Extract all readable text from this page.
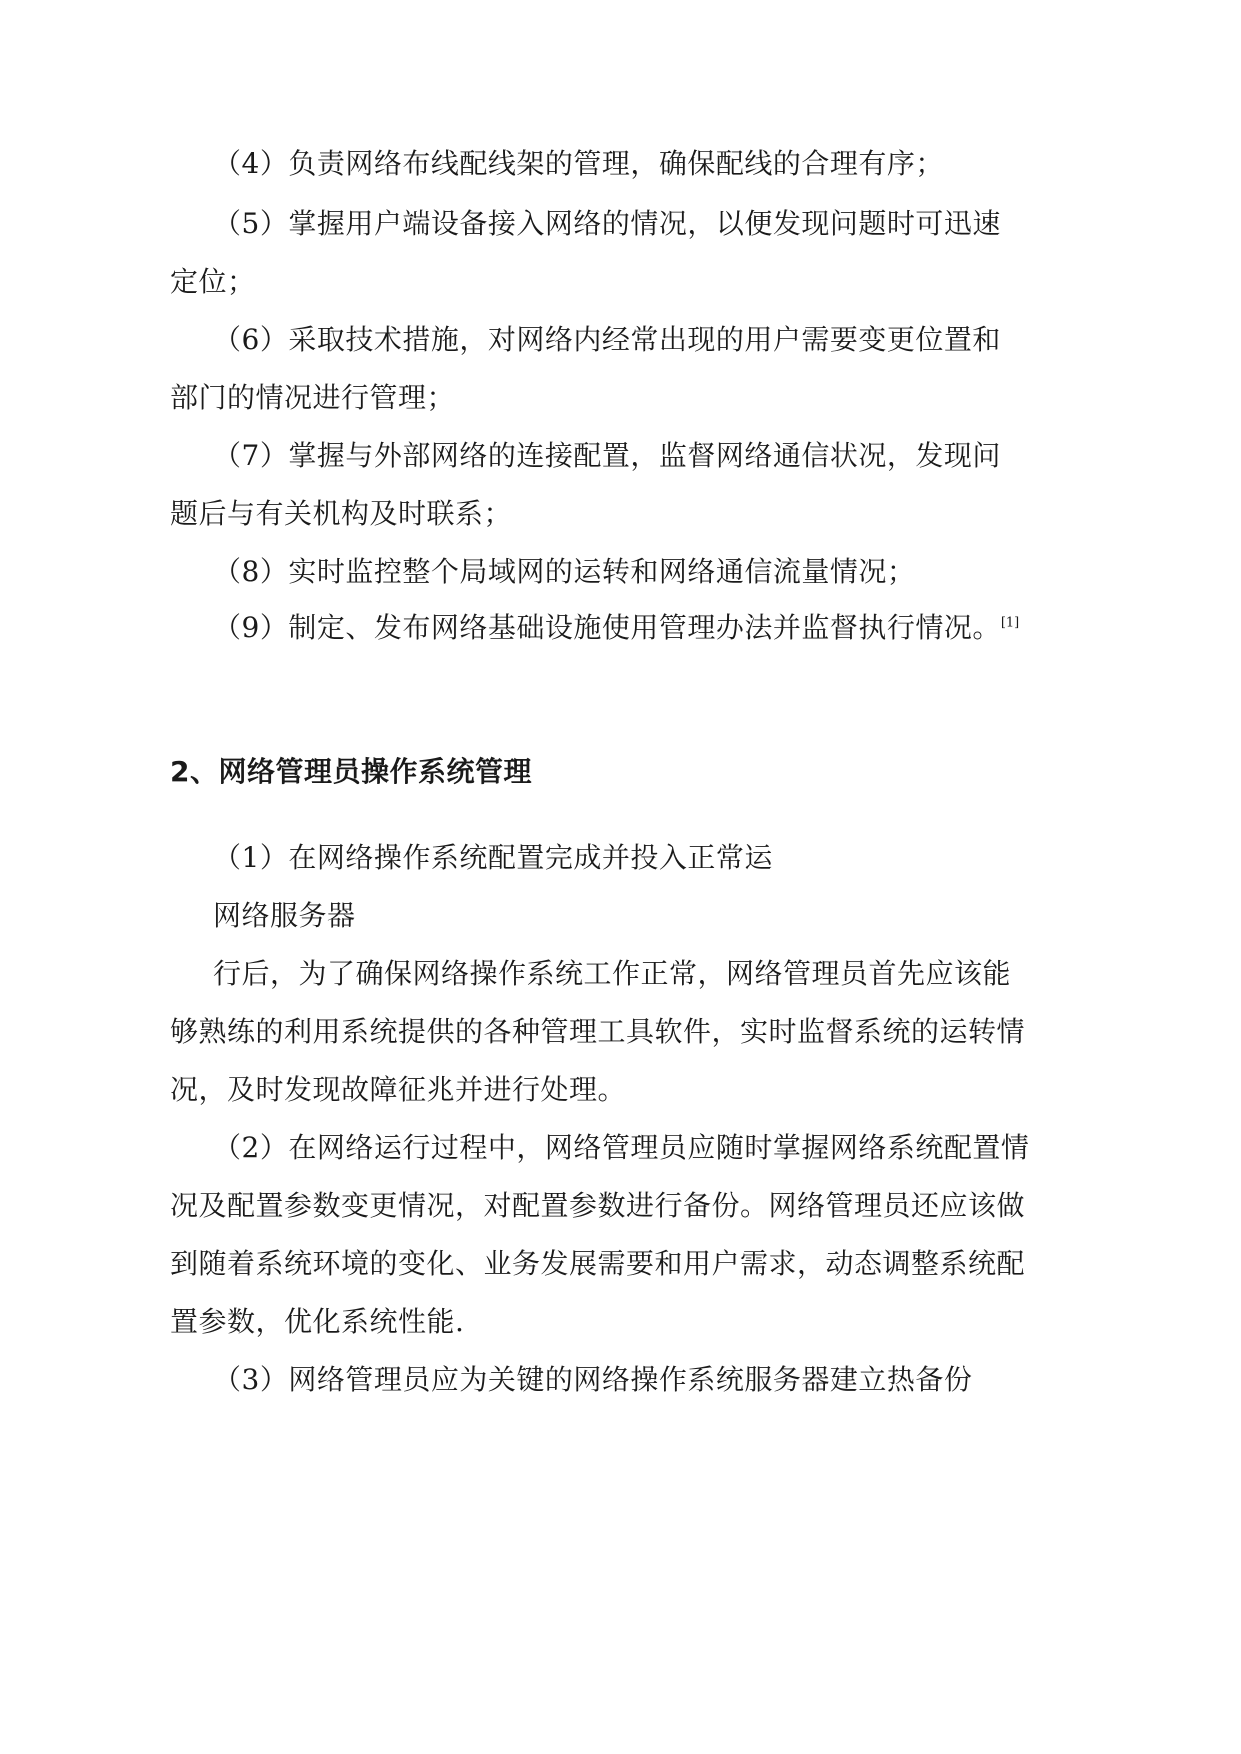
（4）负责网络布线配线架的管理，确保配线的合理有序；
（5）掌握用户端设备接入网络的情况，以便发现问题时可迅速
定位；
（6）采取技术措施，对网络内经常出现的用户需要变更位置和
部门的情况进行管理；
（7）掌握与外部网络的连接配置，监督网络通信状况，发现问
题后与有关机构及时联系；
（8）实时监控整个局域网的运转和网络通信流量情况；
（9）制定、发布网络基础设施使用管理办法并监督执行情况。[1]
2、网络管理员操作系统管理
（1）在网络操作系统配置完成并投入正常运
网络服务器
行后，为了确保网络操作系统工作正常，网络管理员首先应该能
够熟练的利用系统提供的各种管理工具软件，实时监督系统的运转情
况，及时发现故障征兆并进行处理。
（2）在网络运行过程中，网络管理员应随时掌握网络系统配置情
况及配置参数变更情况，对配置参数进行备份。网络管理员还应该做
到随着系统环境的变化、业务发展需要和用户需求，动态调整系统配
置参数，优化系统性能.
（3）网络管理员应为关键的网络操作系统服务器建立热备份
